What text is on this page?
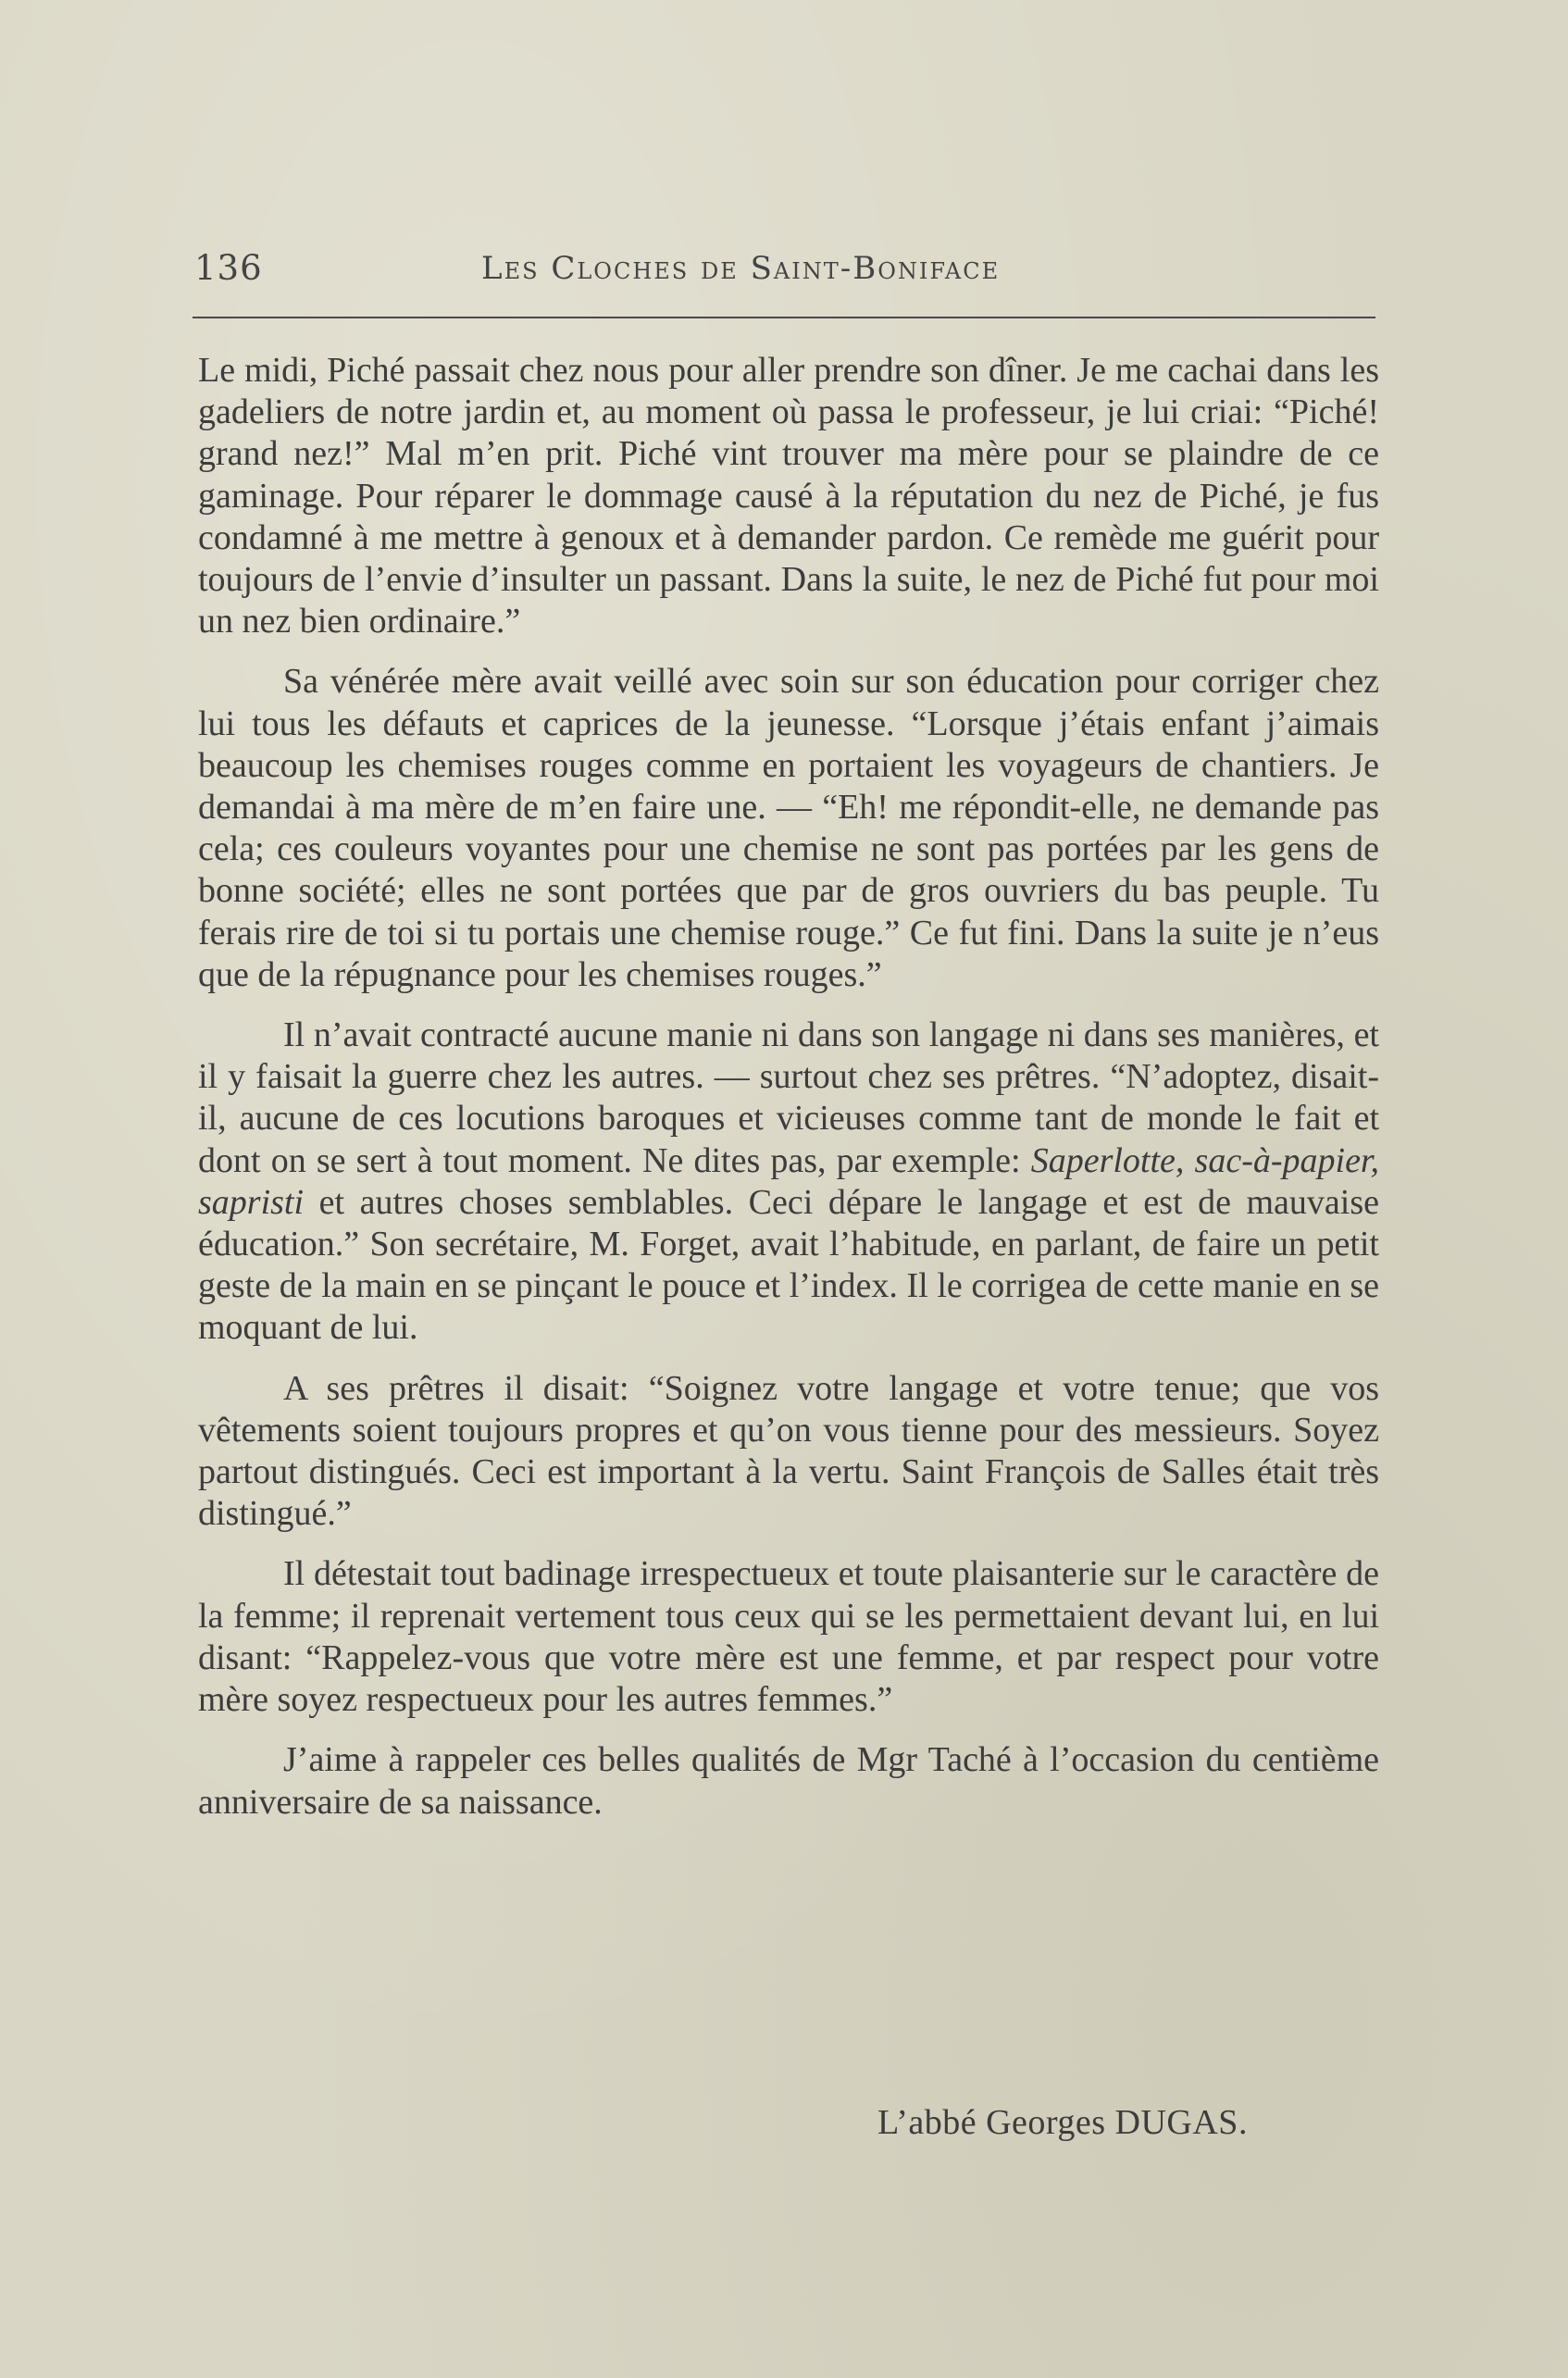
136	Les Cloches de Saint-Boniface

Le midi, Piché passait chez nous pour aller prendre son dîner. Je me cachai dans les gadeliers de notre jardin et, au moment où passa le professeur, je lui criai: “Piché! grand nez!” Mal m’en prit. Piché vint trouver ma mère pour se plaindre de ce gaminage. Pour réparer le dommage causé à la réputation du nez de Piché, je fus condamné à me mettre à genoux et à demander pardon. Ce remède me guérit pour toujours de l’envie d’insulter un passant. Dans la suite, le nez de Piché fut pour moi un nez bien ordinaire.”

Sa vénérée mère avait veillé avec soin sur son éducation pour corriger chez lui tous les défauts et caprices de la jeunesse. “Lorsque j’étais enfant j’aimais beaucoup les chemises rouges comme en portaient les voyageurs de chantiers. Je demandai à ma mère de m’en faire une. — “Eh! me répondit-elle, ne demande pas cela; ces couleurs voyantes pour une chemise ne sont pas portées par les gens de bonne société; elles ne sont portées que par de gros ouvriers du bas peuple. Tu ferais rire de toi si tu portais une chemise rouge.” Ce fut fini. Dans la suite je n’eus que de la répugnance pour les chemises rouges.”

Il n’avait contracté aucune manie ni dans son langage ni dans ses manières, et il y faisait la guerre chez les autres. — surtout chez ses prêtres. “N’adoptez, disait-il, aucune de ces locutions baroques et vicieuses comme tant de monde le fait et dont on se sert à tout moment. Ne dites pas, par exemple: Saperlotte, sac-à-papier, sapristi et autres choses semblables. Ceci dépare le langage et est de mauvaise éducation.” Son secrétaire, M. Forget, avait l’habitude, en parlant, de faire un petit geste de la main en se pinçant le pouce et l’index. Il le corrigea de cette manie en se moquant de lui.

A ses prêtres il disait: “Soignez votre langage et votre tenue; que vos vêtements soient toujours propres et qu’on vous tienne pour des messieurs. Soyez partout distingués. Ceci est important à la vertu. Saint François de Salles était très distingué.”

Il détestait tout badinage irrespectueux et toute plaisanterie sur le caractère de la femme; il reprenait vertement tous ceux qui se les permettaient devant lui, en lui disant: “Rappelez-vous que votre mère est une femme, et par respect pour votre mère soyez respectueux pour les autres femmes.”

J’aime à rappeler ces belles qualités de Mgr Taché à l’occasion du centième anniversaire de sa naissance.

L’abbé Georges DUGAS.
